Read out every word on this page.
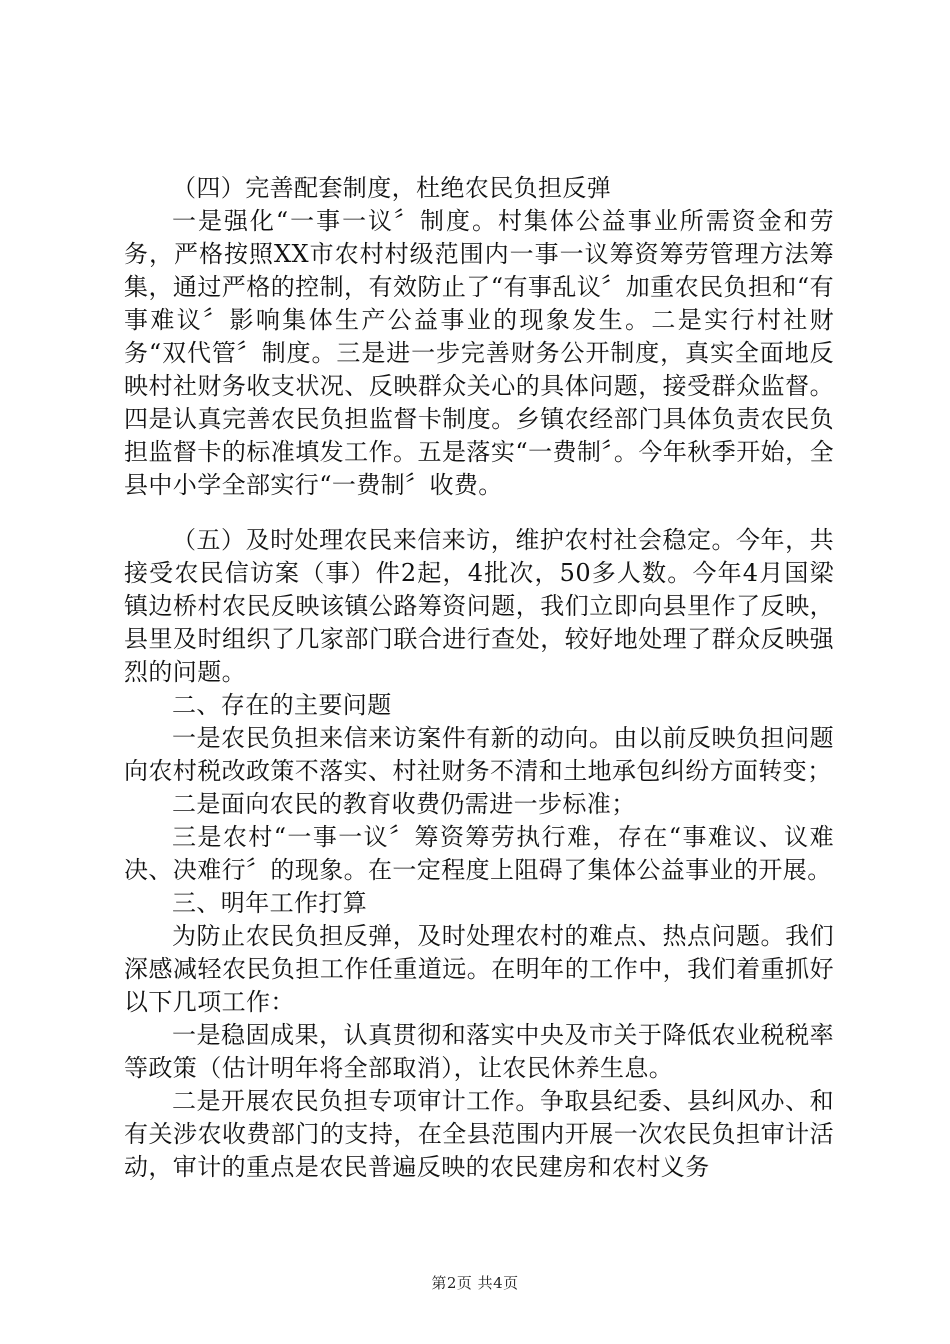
（四）完善配套制度，杜绝农民负担反弹

一是强化“一事一议〞制度。村集体公益事业所需资金和劳务，严格按照XX市农村村级范围内一事一议筹资筹劳管理方法筹集，通过严格的控制，有效防止了“有事乱议〞加重农民负担和“有事难议〞影响集体生产公益事业的现象发生。二是实行村社财务“双代管〞制度。三是进一步完善财务公开制度，真实全面地反映村社财务收支状况、反映群众关心的具体问题，接受群众监督。四是认真完善农民负担监督卡制度。乡镇农经部门具体负责农民负担监督卡的标准填发工作。五是落实“一费制〞。今年秋季开始，全县中小学全部实行“一费制〞收费。

（五）及时处理农民来信来访，维护农村社会稳定。今年，共接受农民信访案（事）件2起，4批次，50多人数。今年4月国梁镇边桥村农民反映该镇公路筹资问题，我们立即向县里作了反映，县里及时组织了几家部门联合进行查处，较好地处理了群众反映强烈的问题。

二、存在的主要问题

一是农民负担来信来访案件有新的动向。由以前反映负担问题向农村税改政策不落实、村社财务不清和土地承包纠纷方面转变；

二是面向农民的教育收费仍需进一步标准；

三是农村“一事一议〞筹资筹劳执行难，存在“事难议、议难决、决难行〞的现象。在一定程度上阻碍了集体公益事业的开展。

三、明年工作打算

为防止农民负担反弹，及时处理农村的难点、热点问题。我们深感减轻农民负担工作任重道远。在明年的工作中，我们着重抓好以下几项工作：

一是稳固成果，认真贯彻和落实中央及市关于降低农业税税率等政策（估计明年将全部取消），让农民休养生息。

二是开展农民负担专项审计工作。争取县纪委、县纠风办、和有关涉农收费部门的支持，在全县范围内开展一次农民负担审计活动，审计的重点是农民普遍反映的农民建房和农村义务

第2页 共4页
